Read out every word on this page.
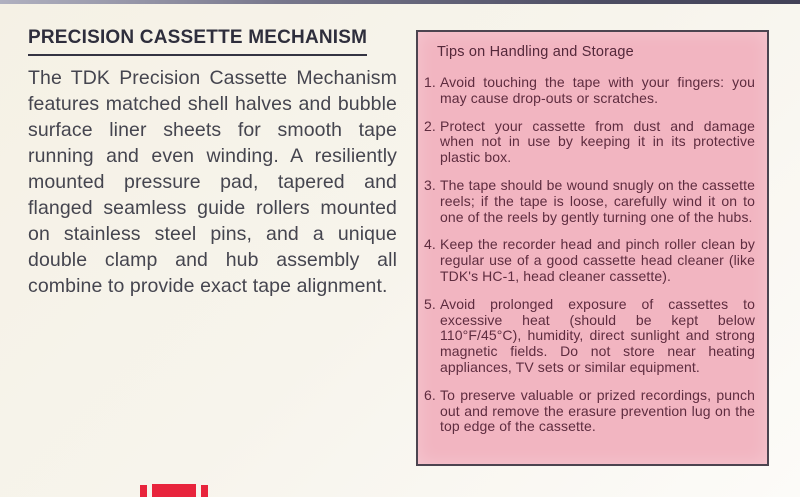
PRECISION CASSETTE MECHANISM

The TDK Precision Cassette Mechanism features matched shell halves and bubble surface liner sheets for smooth tape running and even winding. A resiliently mounted pressure pad, tapered and flanged seamless guide rollers mounted on stainless steel pins, and a unique double clamp and hub assembly all combine to provide exact tape alignment.

Tips on Handling and Storage
1. Avoid touching the tape with your fingers: you may cause drop-outs or scratches.
2. Protect your cassette from dust and damage when not in use by keeping it in its protective plastic box.
3. The tape should be wound snugly on the cassette reels; if the tape is loose, carefully wind it on to one of the reels by gently turning one of the hubs.
4. Keep the recorder head and pinch roller clean by regular use of a good cassette head cleaner (like TDK's HC-1, head cleaner cassette).
5. Avoid prolonged exposure of cassettes to excessive heat (should be kept below 110°F/45°C), humidity, direct sunlight and strong magnetic fields. Do not store near heating appliances, TV sets or similar equipment.
6. To preserve valuable or prized recordings, punch out and remove the erasure prevention lug on the top edge of the cassette.
